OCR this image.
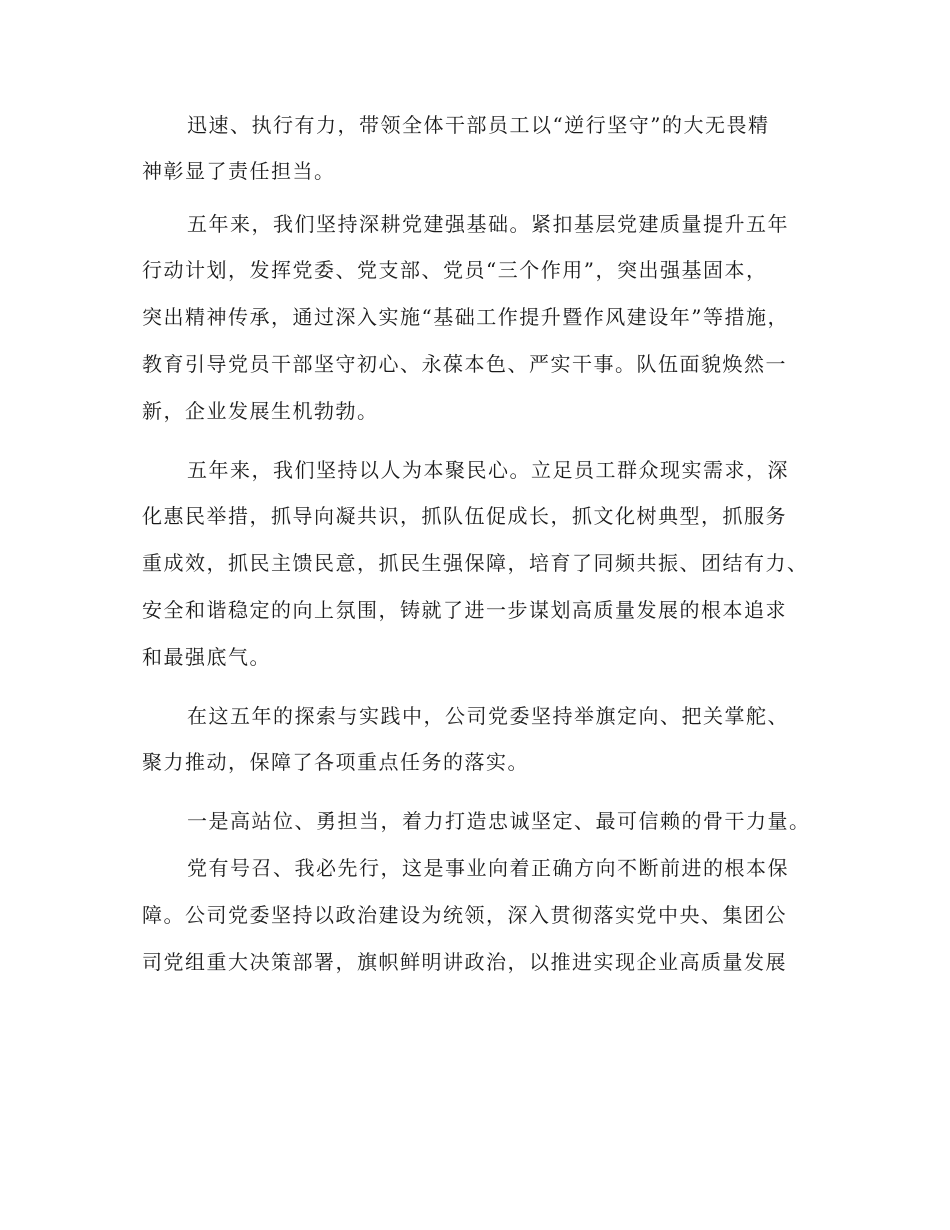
迅速、执行有力，带领全体干部员工以“逆行坚守”的大无畏精

神彰显了责任担当。

五年来，我们坚持深耕党建强基础。紧扣基层党建质量提升五年

行动计划，发挥党委、党支部、党员“三个作用”，突出强基固本，

突出精神传承，通过深入实施“基础工作提升暨作风建设年”等措施，

教育引导党员干部坚守初心、永葆本色、严实干事。队伍面貌焕然一

新，企业发展生机勃勃。

五年来，我们坚持以人为本聚民心。立足员工群众现实需求，深

化惠民举措，抓导向凝共识，抓队伍促成长，抓文化树典型，抓服务

重成效，抓民主馈民意，抓民生强保障，培育了同频共振、团结有力、

安全和谐稳定的向上氛围，铸就了进一步谋划高质量发展的根本追求

和最强底气。

在这五年的探索与实践中，公司党委坚持举旗定向、把关掌舵、

聚力推动，保障了各项重点任务的落实。

一是高站位、勇担当，着力打造忠诚坚定、最可信赖的骨干力量。

党有号召、我必先行，这是事业向着正确方向不断前进的根本保

障。公司党委坚持以政治建设为统领，深入贯彻落实党中央、集团公

司党组重大决策部署，旗帜鲜明讲政治，以推进实现企业高质量发展
